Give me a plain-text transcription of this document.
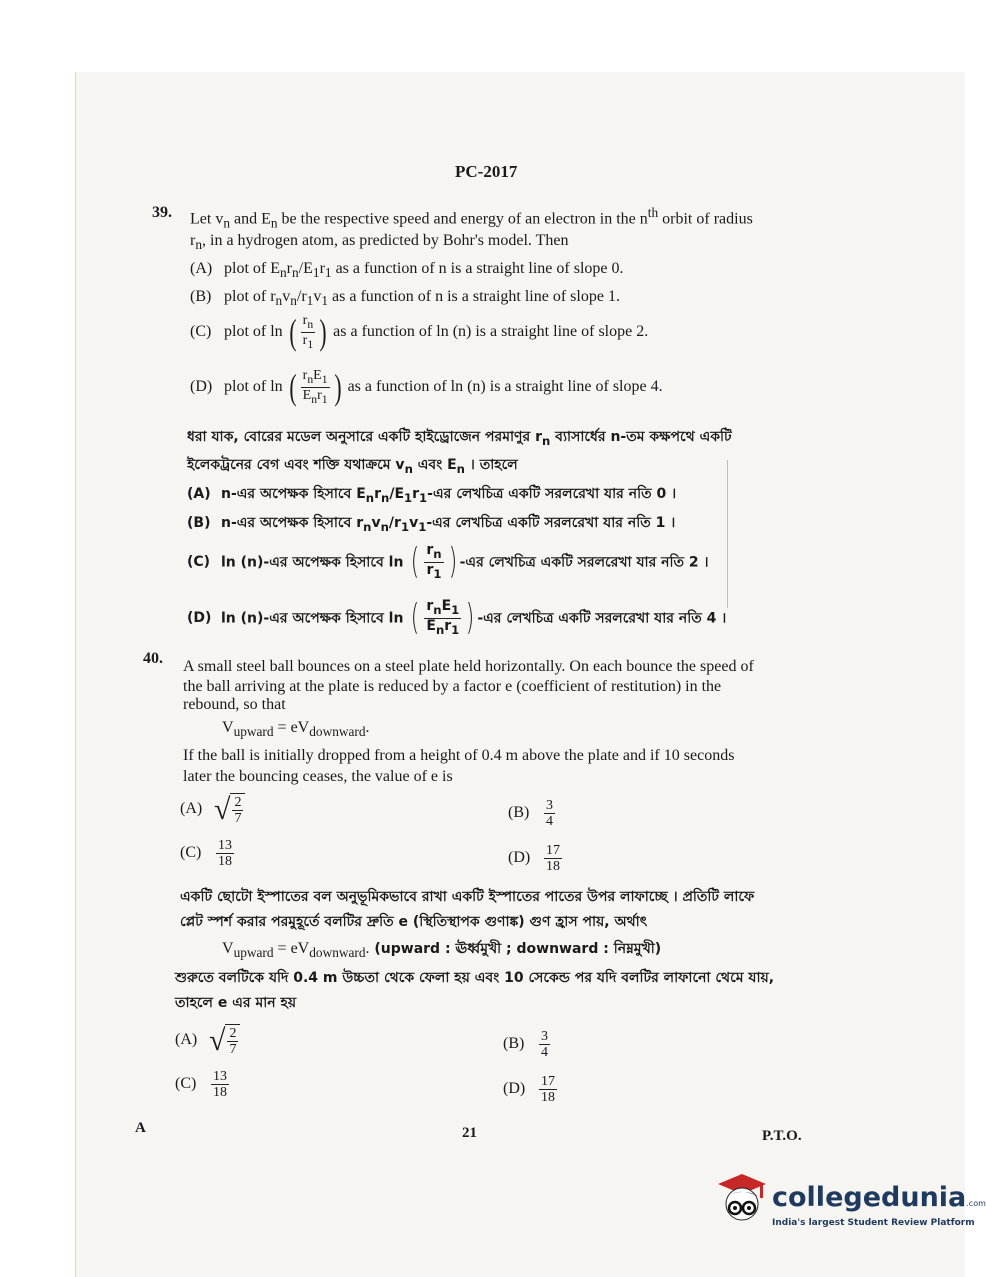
PC-2017
39. Let $v_n$ and $E_n$ be the respective speed and energy of an electron in the $n^{th}$ orbit of radius
$r_n$, in a hydrogen atom, as predicted by Bohr's model. Then
(A) plot of $E_nr_n/E_1r_1$ as a function of n is a straight line of slope 0.
(B) plot of $r_nv_n/r_1v_1$ as a function of n is a straight line of slope 1.
(C) plot of ln ( $\frac{r_n}{r_1}$ ) as a function of ln (n) is a straight line of slope 2.
(D) plot of ln ( $\frac{r_nE_1}{E_nr_1}$ ) as a function of ln (n) is a straight line of slope 4.
ধরা যাক, বোরের মডেল অনুসারে একটি হাইড্রোজেন পরমাণুর $r_n$ ব্যাসার্ধের n-তম কক্ষপথে একটি
ইলেকট্রনের বেগ এবং শক্তি যথাক্রমে $v_n$ এবং $E_n$ । তাহলে
(A) n-এর অপেক্ষক হিসাবে $E_nr_n/E_1r_1-এর$ লেখচিত্র একটি সরলরেখা যার নতি 0 ।
(B) n-এর অপেক্ষক হিসাবে $r_nv_n/r_1v_1-এর$ লেখচিত্র একটি সরলরেখা যার নতি 1 ।
(C) ln (n)-এর অপেক্ষক হিসাবে ln ( $\frac{r_n}{r_1}$ ) -এর লেখচিত্র একটি সরলরেখা যার নতি 2 ।
(D) ln (n)-এর অপেক্ষক হিসাবে ln ( $\frac{r_nE_1}{E_nr_1}$ ) -এর লেখচিত্র একটি সরলরেখা যার নতি 4 ।
40. A small steel ball bounces on a steel plate held horizontally. On each bounce the speed of
the ball arriving at the plate is reduced by a factor e (coefficient of restitution) in the
rebound, so that
$V_{upward} = eV_{downward}$.
If the ball is initially dropped from a height of 0.4 m above the plate and if 10 seconds
later the bouncing ceases, the value of e is
(A) √ $\frac{2}{7}$	$(B) \frac{3}{4}$
$(C) \frac{13}{18}$	$(D) \frac{17}{18}$
একটি ছোটো ইস্পাতের বল অনুভূমিকভাবে রাখা একটি ইস্পাতের পাতের উপর লাফাচ্ছে । প্রতিটি লাফে
প্লেট স্পর্শ করার পরমুহূর্তে বলটির দ্রুতি e (স্থিতিস্থাপক গুণাঙ্ক) গুণ হ্রাস পায়, অর্থাৎ
$V_{upward} = eV_{downward}$. (upward : ঊর্ধ্বমুখী ; downward : নিম্নমুখী)
শুরুতে বলটিকে যদি 0.4 m উচ্চতা থেকে ফেলা হয় এবং 10 সেকেন্ড পর যদি বলটির লাফানো থেমে যায়,
তাহলে e এর মান হয়
(A) √ $\frac{2}{7}$	$(B) \frac{3}{4}$
$(C) \frac{13}{18}$	$(D) \frac{17}{18}$
A	21	P.T.O.
collegedunia.com
India's largest Student Review Platform
